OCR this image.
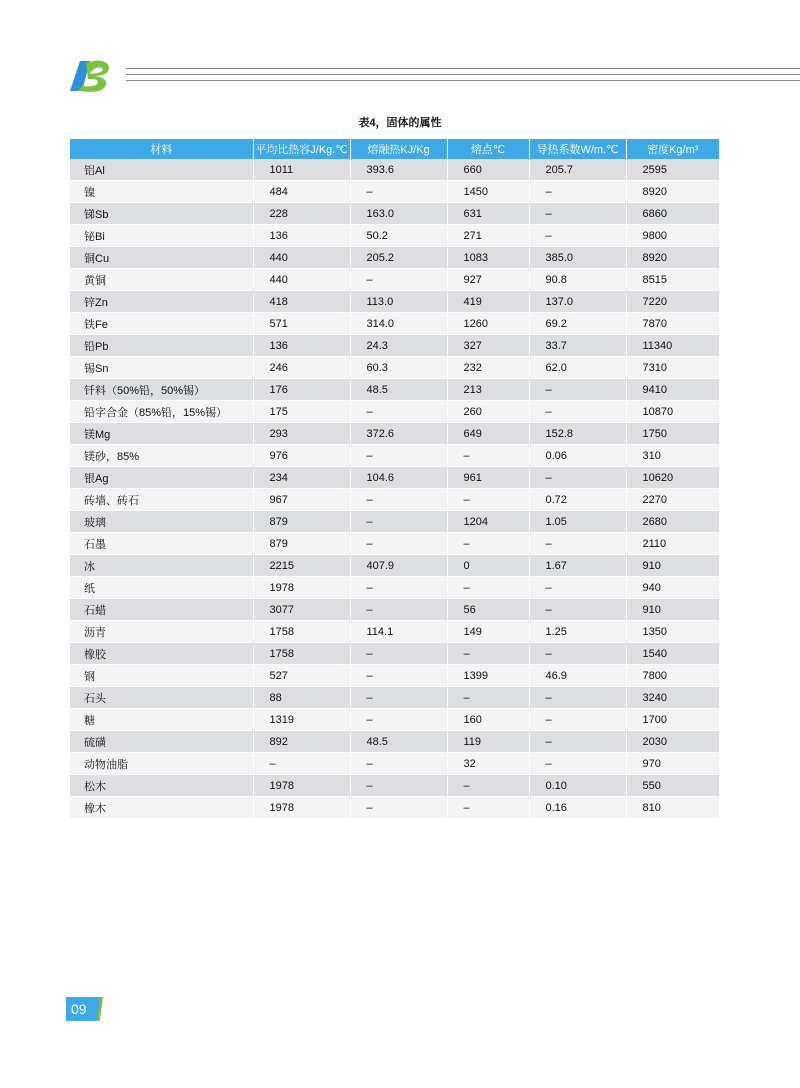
表4，固体的属性
材料	平均比热容J/Kg.℃	熔融热KJ/Kg	熔点℃	导热系数W/m.℃	密度Kg/m³
铝Al	1011	393.6	660	205.7	2595
镍	484	–	1450	–	8920
锑Sb	228	163.0	631	–	6860
铋Bi	136	50.2	271	–	9800
铜Cu	440	205.2	1083	385.0	8920
黄铜	440	–	927	90.8	8515
锌Zn	418	113.0	419	137.0	7220
铁Fe	571	314.0	1260	69.2	7870
铅Pb	136	24.3	327	33.7	11340
锡Sn	246	60.3	232	62.0	7310
钎料（50%铅，50%锡）	176	48.5	213	–	9410
铅字合金（85%铅，15%锡）	175	–	260	–	10870
镁Mg	293	372.6	649	152.8	1750
镁砂，85%	976	–	–	0.06	310
银Ag	234	104.6	961	–	10620
砖墙、砖石	967	–	–	0.72	2270
玻璃	879	–	1204	1.05	2680
石墨	879	–	–	–	2110
冰	2215	407.9	0	1.67	910
纸	1978	–	–	–	940
石蜡	3077	–	56	–	910
沥青	1758	114.1	149	1.25	1350
橡胶	1758	–	–	–	1540
钢	527	–	1399	46.9	7800
石头	88	–	–	–	3240
糖	1319	–	160	–	1700
硫磺	892	48.5	119	–	2030
动物油脂	–	–	32	–	970
松木	1978	–	–	0.10	550
橡木	1978	–	–	0.16	810
09
